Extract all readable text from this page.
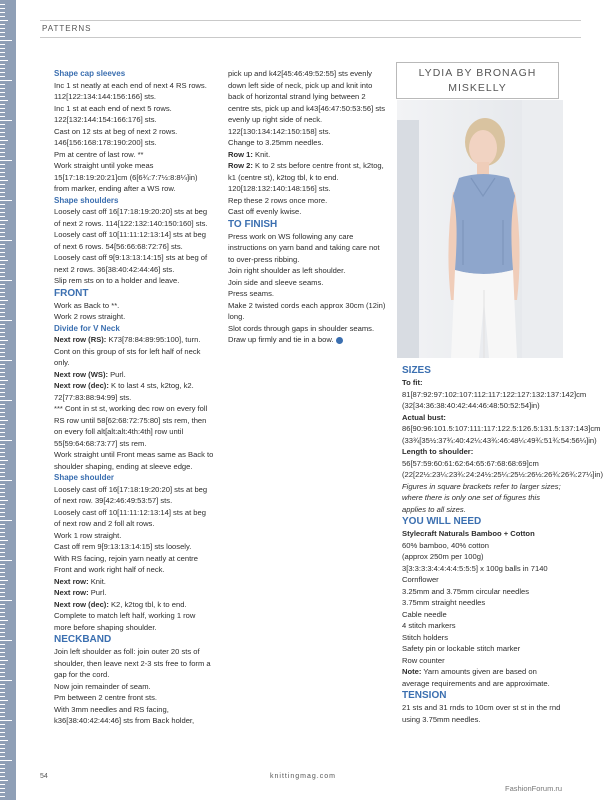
PATTERNS

Shape cap sleeves

Inc 1 st neatly at each end of next 4 RS rows. 112[122:134:144:156:166] sts.

Inc 1 st at each end of next 5 rows. 122[132:144:154:166:176] sts.

Cast on 12 sts at beg of next 2 rows. 146[156:168:178:190:200] sts.

Pm at centre of last row. **

Work straight until yoke meas 15[17:18:19:20:21]cm (6[6¾:7:7½:8:8¼]in) from marker, ending after a WS row.

Shape shoulders

Loosely cast off 16[17:18:19:20:20] sts at beg of next 2 rows. 114[122:132:140:150:160] sts.

Loosely cast off 10[11:11:12:13:14] sts at beg of next 6 rows. 54[56:66:68:72:76] sts.

Loosely cast off 9[9:13:13:14:15] sts at beg of next 2 rows. 36[38:40:42:44:46] sts.

Slip rem sts on to a holder and leave.

FRONT

Work as Back to **.

Work 2 rows straight.

Divide for V Neck

Next row (RS): K73[78:84:89:95:100], turn.

Cont on this group of sts for left half of neck only.

Next row (WS): Purl.

Next row (dec): K to last 4 sts, k2tog, k2. 72[77:83:88:94:99] sts.

*** Cont in st st, working dec row on every foll RS row until 58[62:68:72:75:80] sts rem, then on every foll alt[alt:alt:4th:4th] row until 55[59:64:68:73:77] sts rem.

Work straight until Front meas same as Back to shoulder shaping, ending at sleeve edge.

Shape shoulder

Loosely cast off 16[17:18:19:20:20] sts at beg of next row. 39[42:46:49:53:57] sts.

Loosely cast off 10[11:11:12:13:14] sts at beg of next row and 2 foll alt rows.

Work 1 row straight.

Cast off rem 9[9:13:13:14:15] sts loosely.

With RS facing, rejoin yarn neatly at centre Front and work right half of neck.

Next row: Knit.

Next row: Purl.

Next row (dec): K2, k2tog tbl, k to end.

Complete to match left half, working 1 row more before shaping shoulder.

NECKBAND

Join left shoulder as foll: join outer 20 sts of shoulder, then leave next 2-3 sts free to form a gap for the cord.

Now join remainder of seam.

Pm between 2 centre front sts.

With 3mm needles and RS facing, k36[38:40:42:44:46] sts from Back holder,

pick up and k42[45:46:49:52:55] sts evenly down left side of neck, pick up and knit into back of horizontal strand lying between 2 centre sts, pick up and k43[46:47:50:53:56] sts evenly up right side of neck. 122[130:134:142:150:158] sts.

Change to 3.25mm needles.

Row 1: Knit.

Row 2: K to 2 sts before centre front st, k2tog, k1 (centre st), k2tog tbl, k to end. 120[128:132:140:148:156] sts.

Rep these 2 rows once more.

Cast off evenly kwise.

TO FINISH

Press work on WS following any care instructions on yarn band and taking care not to over-press ribbing.

Join right shoulder as left shoulder.

Join side and sleeve seams.

Press seams.

Make 2 twisted cords each approx 30cm (12in) long.

Slot cords through gaps in shoulder seams.

Draw up firmly and tie in a bow.

LYDIA BY BRONAGH
MISKELLY

SIZES

To fit: 81[87:92:97:102:107:112:117:122:127:132:137:142]cm (32[34:36:38:40:42:44:46:48:50:52:54]in)

Actual bust: 86[90:96:101.5:107:111:117:122.5:126.5:131.5:137:143]cm (33¾[35½:37¾:40:42¼:43¾:46:48¼:49¾:51¾:54:56¼]in)

Length to shoulder: 56[57:59:60:61:62:64:65:67:68:68:69]cm (22[22½:23¼:23¾:24:24½:25¼:25½:26½:26¾:26¾:27¼]in)

Figures in square brackets refer to larger sizes; where there is only one set of figures this applies to all sizes.

YOU WILL NEED

Stylecraft Naturals Bamboo + Cotton

60% bamboo, 40% cotton

(approx 250m per 100g)

3[3:3:3:3:4:4:4:4:5:5:5] x 100g balls in 7140 Cornflower

3.25mm and 3.75mm circular needles

3.75mm straight needles

Cable needle

4 stitch markers

Stitch holders

Safety pin or lockable stitch marker

Row counter

Note: Yarn amounts given are based on average requirements and are approximate.

TENSION

21 sts and 31 rnds to 10cm over st st in the rnd using 3.75mm needles.

54	knittingmag.com
FashionForum.ru
